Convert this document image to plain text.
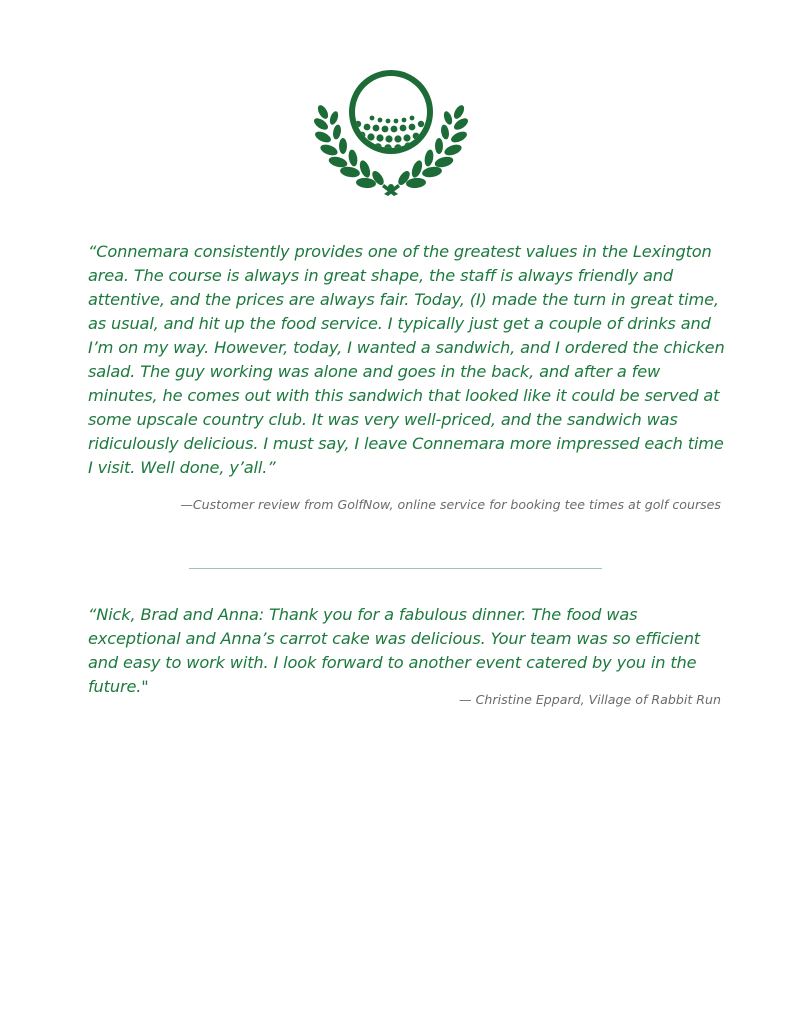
“Connemara consistently provides one of the greatest values in the Lexington area. The course is always in great shape, the staff is always friendly and attentive, and the prices are always fair. Today, (I) made the turn in great time, as usual, and hit up the food service. I typically just get a couple of drinks and I’m on my way. However, today, I wanted a sandwich, and I ordered the chicken salad. The guy working was alone and goes in the back, and after a few minutes, he comes out with this sandwich that looked like it could be served at some upscale country club. It was very well-priced, and the sandwich was ridiculously delicious. I must say, I leave Connemara more impressed each time I visit. Well done, y’all.”

—Customer review from GolfNow, online service for booking tee times at golf courses

“Nick, Brad and Anna: Thank you for a fabulous dinner. The food was exceptional and Anna’s carrot cake was delicious. Your team was so efficient and easy to work with. I look forward to another event catered by you in the future."

— Christine Eppard, Village of Rabbit Run
